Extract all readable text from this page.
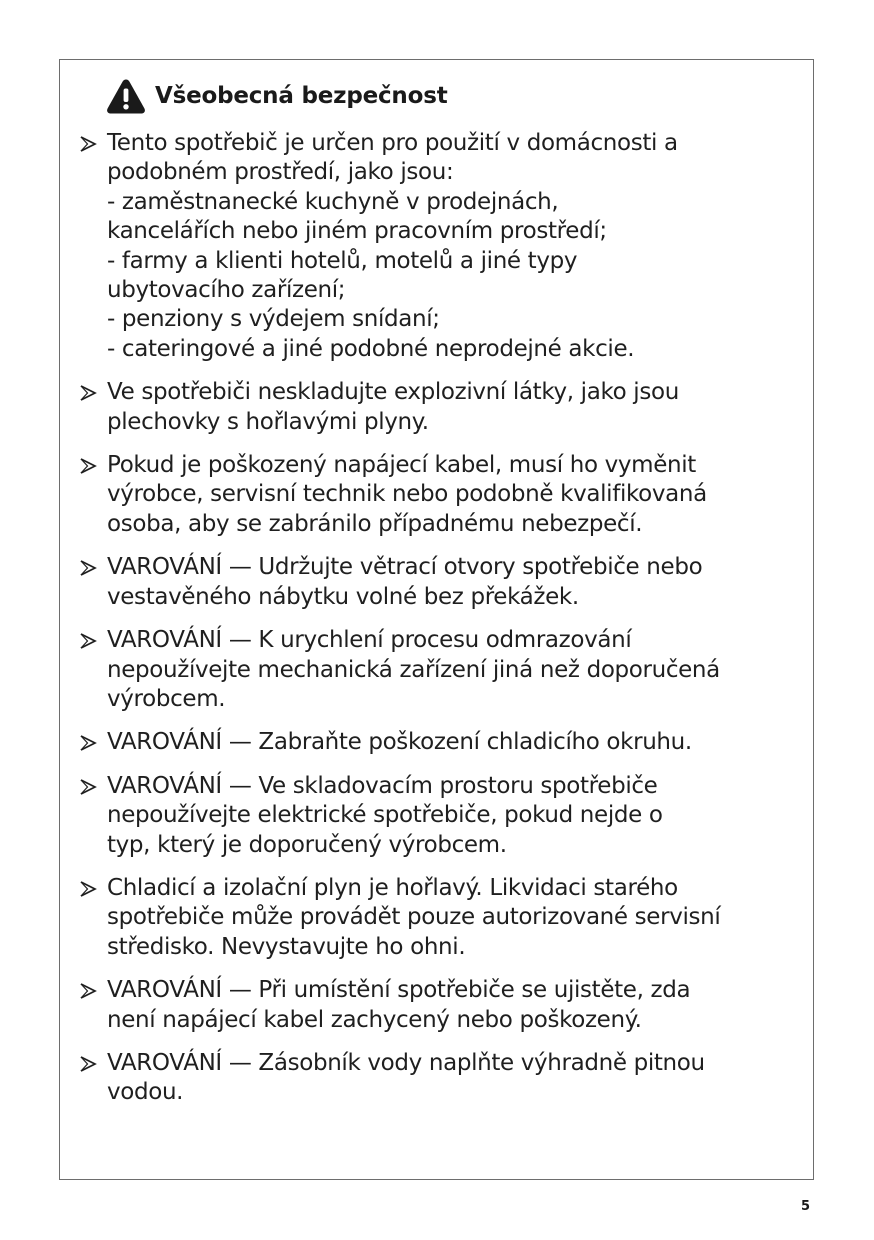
Všeobecná bezpečnost
Tento spotřebič je určen pro použití v domácnosti a
podobném prostředí, jako jsou:
- zaměstnanecké kuchyně v prodejnách,
kancelářích nebo jiném pracovním prostředí;
- farmy a klienti hotelů, motelů a jiné typy
ubytovacího zařízení;
- penziony s výdejem snídaní;
- cateringové a jiné podobné neprodejné akcie.
Ve spotřebiči neskladujte explozivní látky, jako jsou
plechovky s hořlavými plyny.
Pokud je poškozený napájecí kabel, musí ho vyměnit
výrobce, servisní technik nebo podobně kvalifikovaná
osoba, aby se zabránilo případnému nebezpečí.
VAROVÁNÍ — Udržujte větrací otvory spotřebiče nebo
vestavěného nábytku volné bez překážek.
VAROVÁNÍ — K urychlení procesu odmrazování
nepoužívejte mechanická zařízení jiná než doporučená
výrobcem.
VAROVÁNÍ — Zabraňte poškození chladicího okruhu.
VAROVÁNÍ — Ve skladovacím prostoru spotřebiče
nepoužívejte elektrické spotřebiče, pokud nejde o
typ, který je doporučený výrobcem.
Chladicí a izolační plyn je hořlavý. Likvidaci starého
spotřebiče může provádět pouze autorizované servisní
středisko. Nevystavujte ho ohni.
VAROVÁNÍ — Při umístění spotřebiče se ujistěte, zda
není napájecí kabel zachycený nebo poškozený.
VAROVÁNÍ — Zásobník vody naplňte výhradně pitnou
vodou.
5
